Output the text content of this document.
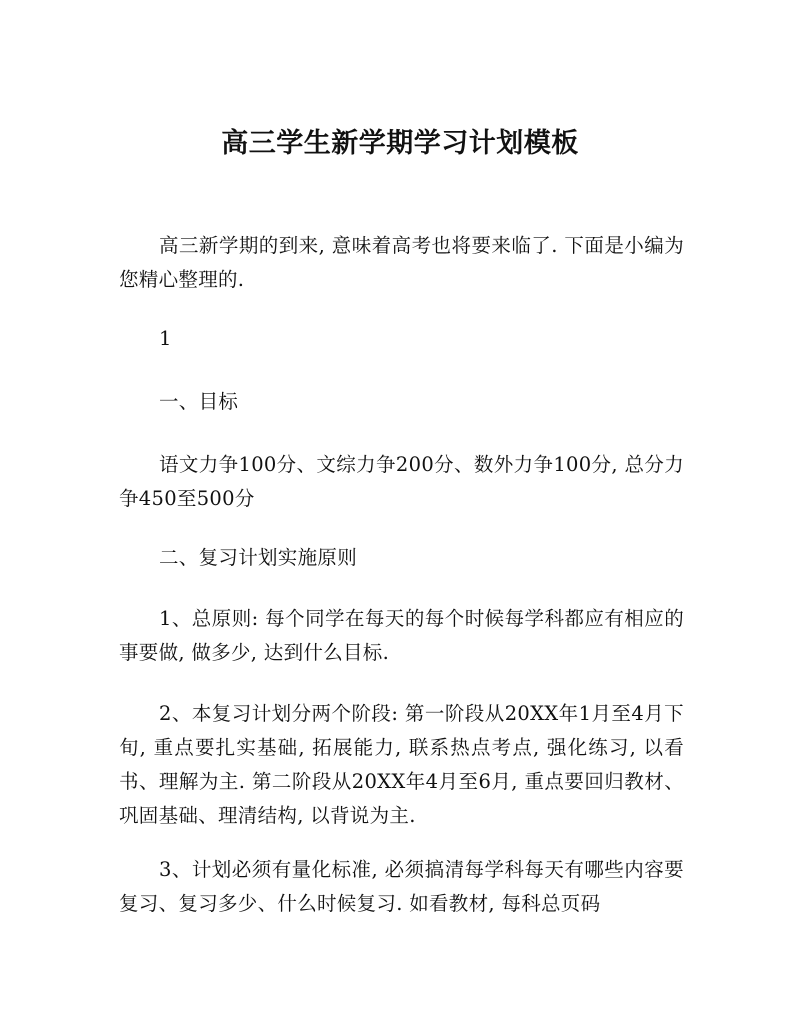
高三学生新学期学习计划模板

高三新学期的到来, 意味着高考也将要来临了. 下面是小编为您精心整理的.

1

一、目标

语文力争100分、文综力争200分、数外力争100分, 总分力争450至500分

二、复习计划实施原则

1、总原则: 每个同学在每天的每个时候每学科都应有相应的事要做, 做多少, 达到什么目标.

2、本复习计划分两个阶段: 第一阶段从20XX年1月至4月下旬, 重点要扎实基础, 拓展能力, 联系热点考点, 强化练习, 以看书、理解为主. 第二阶段从20XX年4月至6月, 重点要回归教材、巩固基础、理清结构, 以背说为主.

3、计划必须有量化标准, 必须搞清每学科每天有哪些内容要复习、复习多少、什么时候复习. 如看教材, 每科总页码
